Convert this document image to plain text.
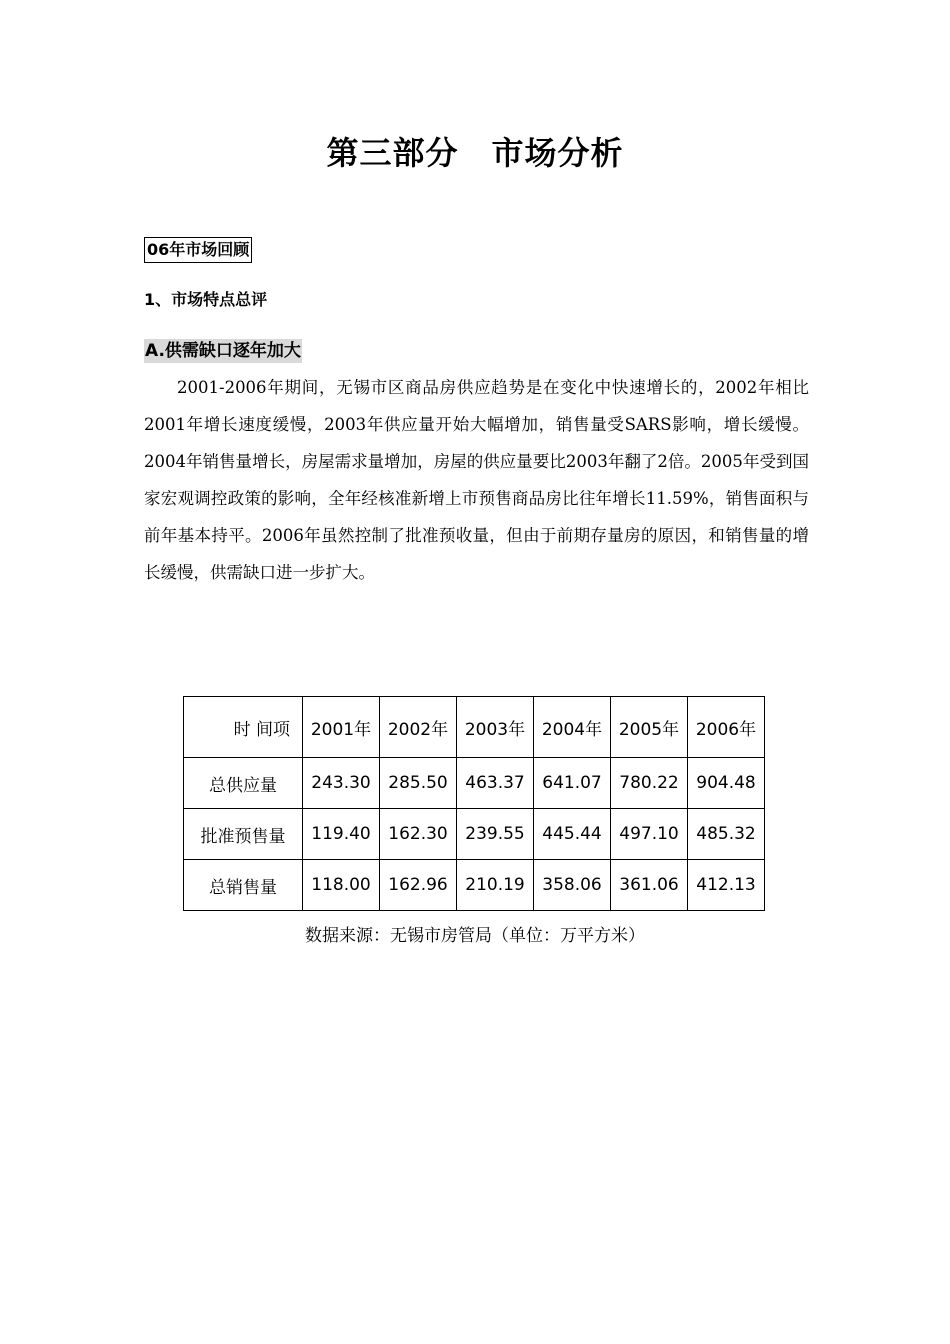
第三部分　市场分析
06年市场回顾
1、市场特点总评
A.供需缺口逐年加大

2001-2006年期间，无锡市区商品房供应趋势是在变化中快速增长的，2002年相比2001年增长速度缓慢，2003年供应量开始大幅增加，销售量受SARS影响，增长缓慢。2004年销售量增长，房屋需求量增加，房屋的供应量要比2003年翻了2倍。2005年受到国家宏观调控政策的影响，全年经核准新增上市预售商品房比往年增长11.59%，销售面积与前年基本持平。2006年虽然控制了批准预收量，但由于前期存量房的原因，和销售量的增长缓慢，供需缺口进一步扩大。

时 间项	2001年	2002年	2003年	2004年	2005年	2006年
总供应量	243.30	285.50	463.37	641.07	780.22	904.48
批准预售量	119.40	162.30	239.55	445.44	497.10	485.32
总销售量	118.00	162.96	210.19	358.06	361.06	412.13
数据来源：无锡市房管局（单位：万平方米）
